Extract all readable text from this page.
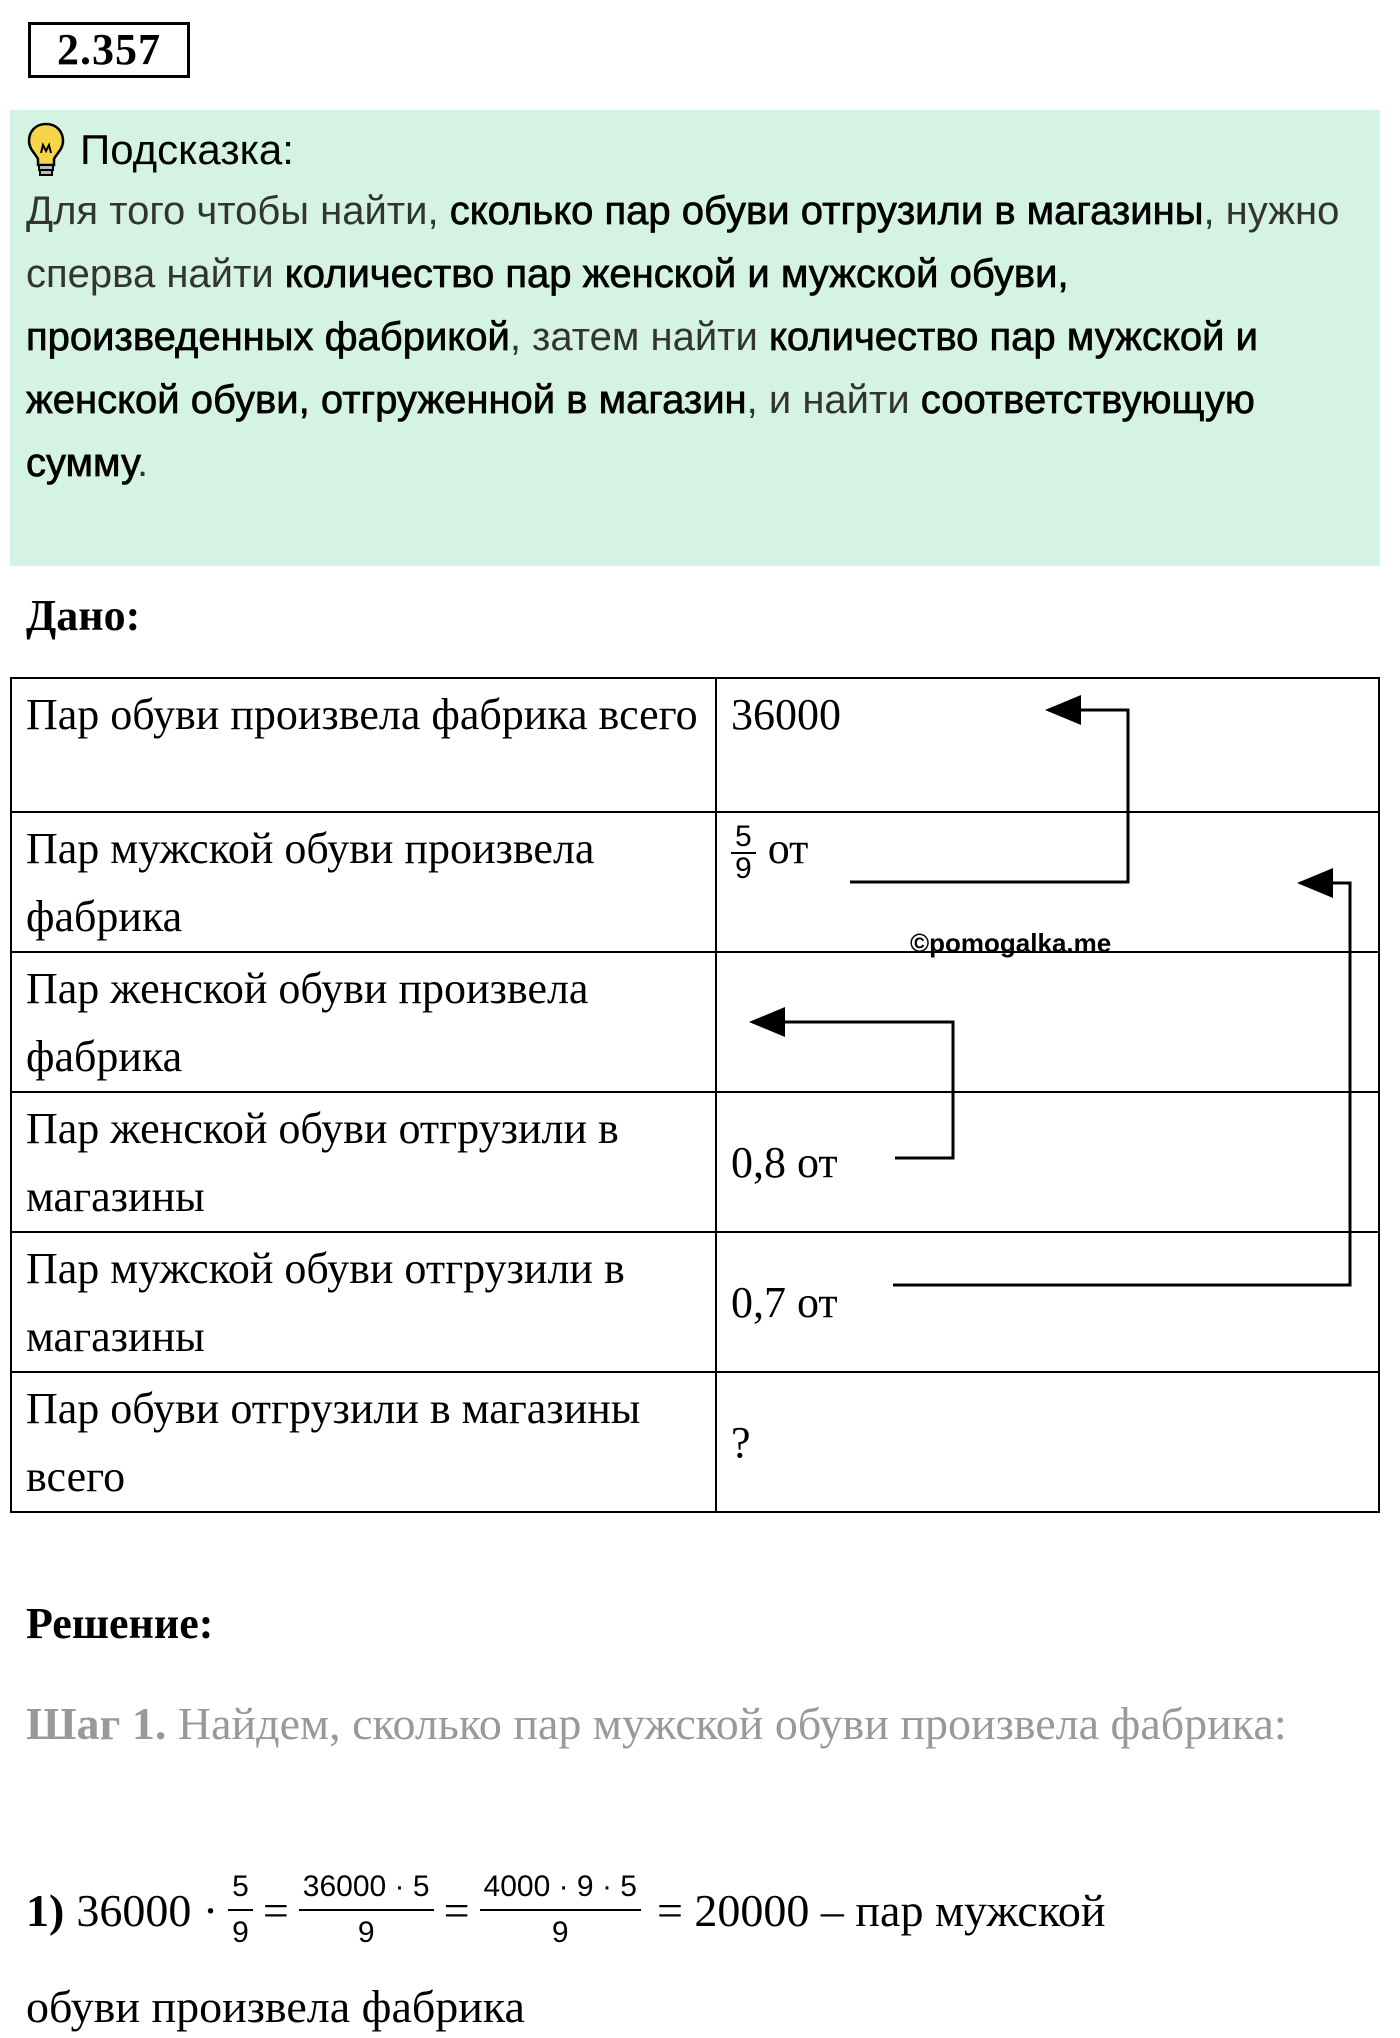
2.357
Подсказка:
Для того чтобы найти, сколько пар обуви отгрузили в магазины, нужно сперва найти количество пар женской и мужской обуви, произведенных фабрикой, затем найти количество пар мужской и женской обуви, отгруженной в магазин, и найти соответствующую сумму.
Дано:
Пар обуви произвела фабрика всего	36000
Пар мужской обуви произвела фабрика	$\frac{5}{9}$ от
Пар женской обуви произвела фабрика	
Пар женской обуви отгрузили в магазины	0,8 от
Пар мужской обуви отгрузили в магазины	0,7 от
Пар обуви отгрузили в магазины всего	?
©pomogalka.me
Решение:
Шаг 1. Найдем, сколько пар мужской обуви произвела фабрика:
1) $36000 \cdot \frac{5}{9} = \frac{36000 \cdot 5}{9} = \frac{4000 \cdot 9 \cdot 5}{9} = 20000$ – пар мужской
обуви произвела фабрика
